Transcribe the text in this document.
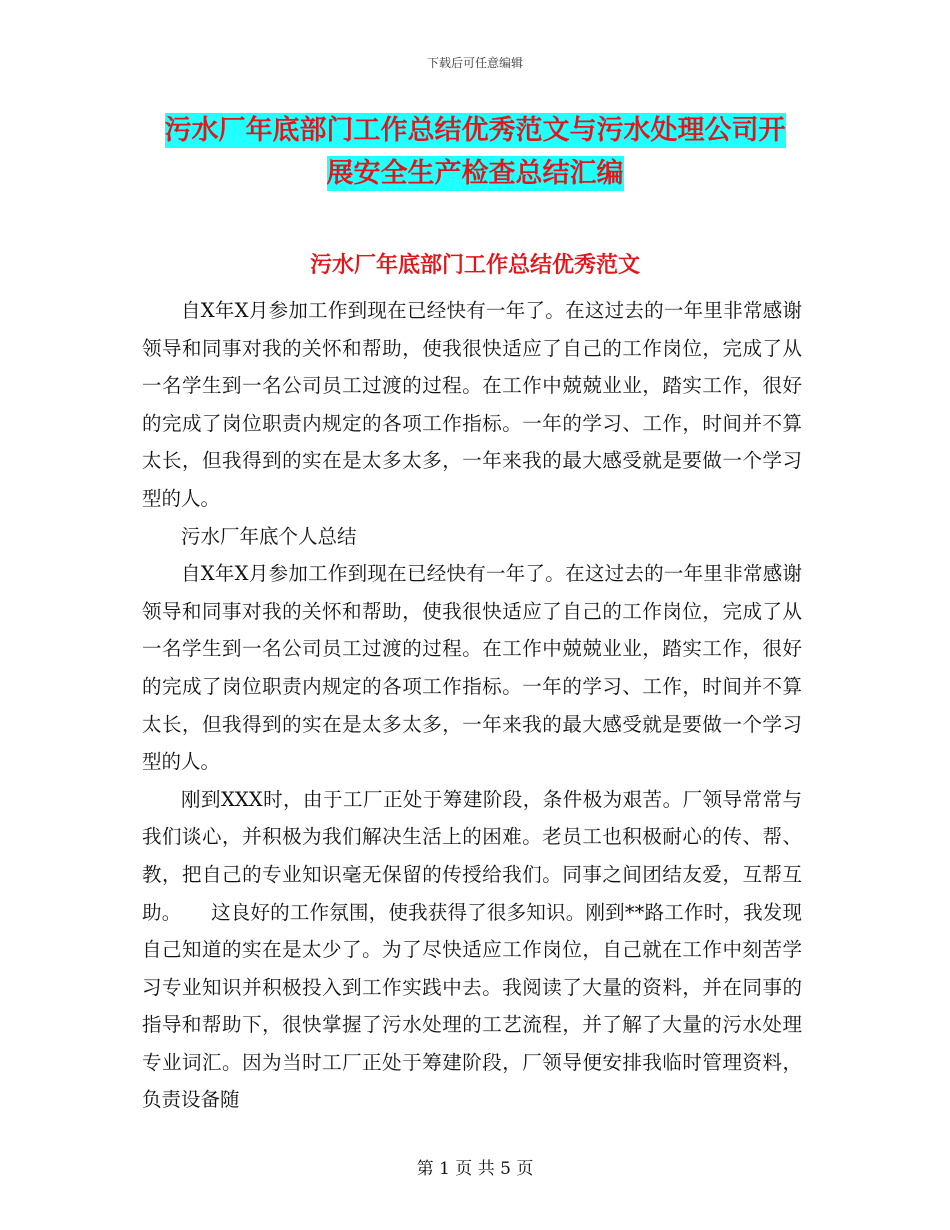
下载后可任意编辑
污水厂年底部门工作总结优秀范文与污水处理公司开
展安全生产检查总结汇编
污水厂年底部门工作总结优秀范文

自X年X月参加工作到现在已经快有一年了。在这过去的一年里非常感谢领导和同事对我的关怀和帮助，使我很快适应了自己的工作岗位，完成了从一名学生到一名公司员工过渡的过程。在工作中兢兢业业，踏实工作，很好的完成了岗位职责内规定的各项工作指标。一年的学习、工作，时间并不算太长，但我得到的实在是太多太多，一年来我的最大感受就是要做一个学习型的人。

污水厂年底个人总结

自X年X月参加工作到现在已经快有一年了。在这过去的一年里非常感谢领导和同事对我的关怀和帮助，使我很快适应了自己的工作岗位，完成了从一名学生到一名公司员工过渡的过程。在工作中兢兢业业，踏实工作，很好的完成了岗位职责内规定的各项工作指标。一年的学习、工作，时间并不算太长，但我得到的实在是太多太多，一年来我的最大感受就是要做一个学习型的人。

刚到XXX时，由于工厂正处于筹建阶段，条件极为艰苦。厂领导常常与我们谈心，并积极为我们解决生活上的困难。老员工也积极耐心的传、帮、教，把自己的专业知识毫无保留的传授给我们。同事之间团结友爱，互帮互助。　　这良好的工作氛围，使我获得了很多知识。刚到**路工作时，我发现自己知道的实在是太少了。为了尽快适应工作岗位，自己就在工作中刻苦学习专业知识并积极投入到工作实践中去。我阅读了大量的资料，并在同事的指导和帮助下，很快掌握了污水处理的工艺流程，并了解了大量的污水处理专业词汇。因为当时工厂正处于筹建阶段，厂领导便安排我临时管理资料，负责设备随

第 1 页 共 5 页
